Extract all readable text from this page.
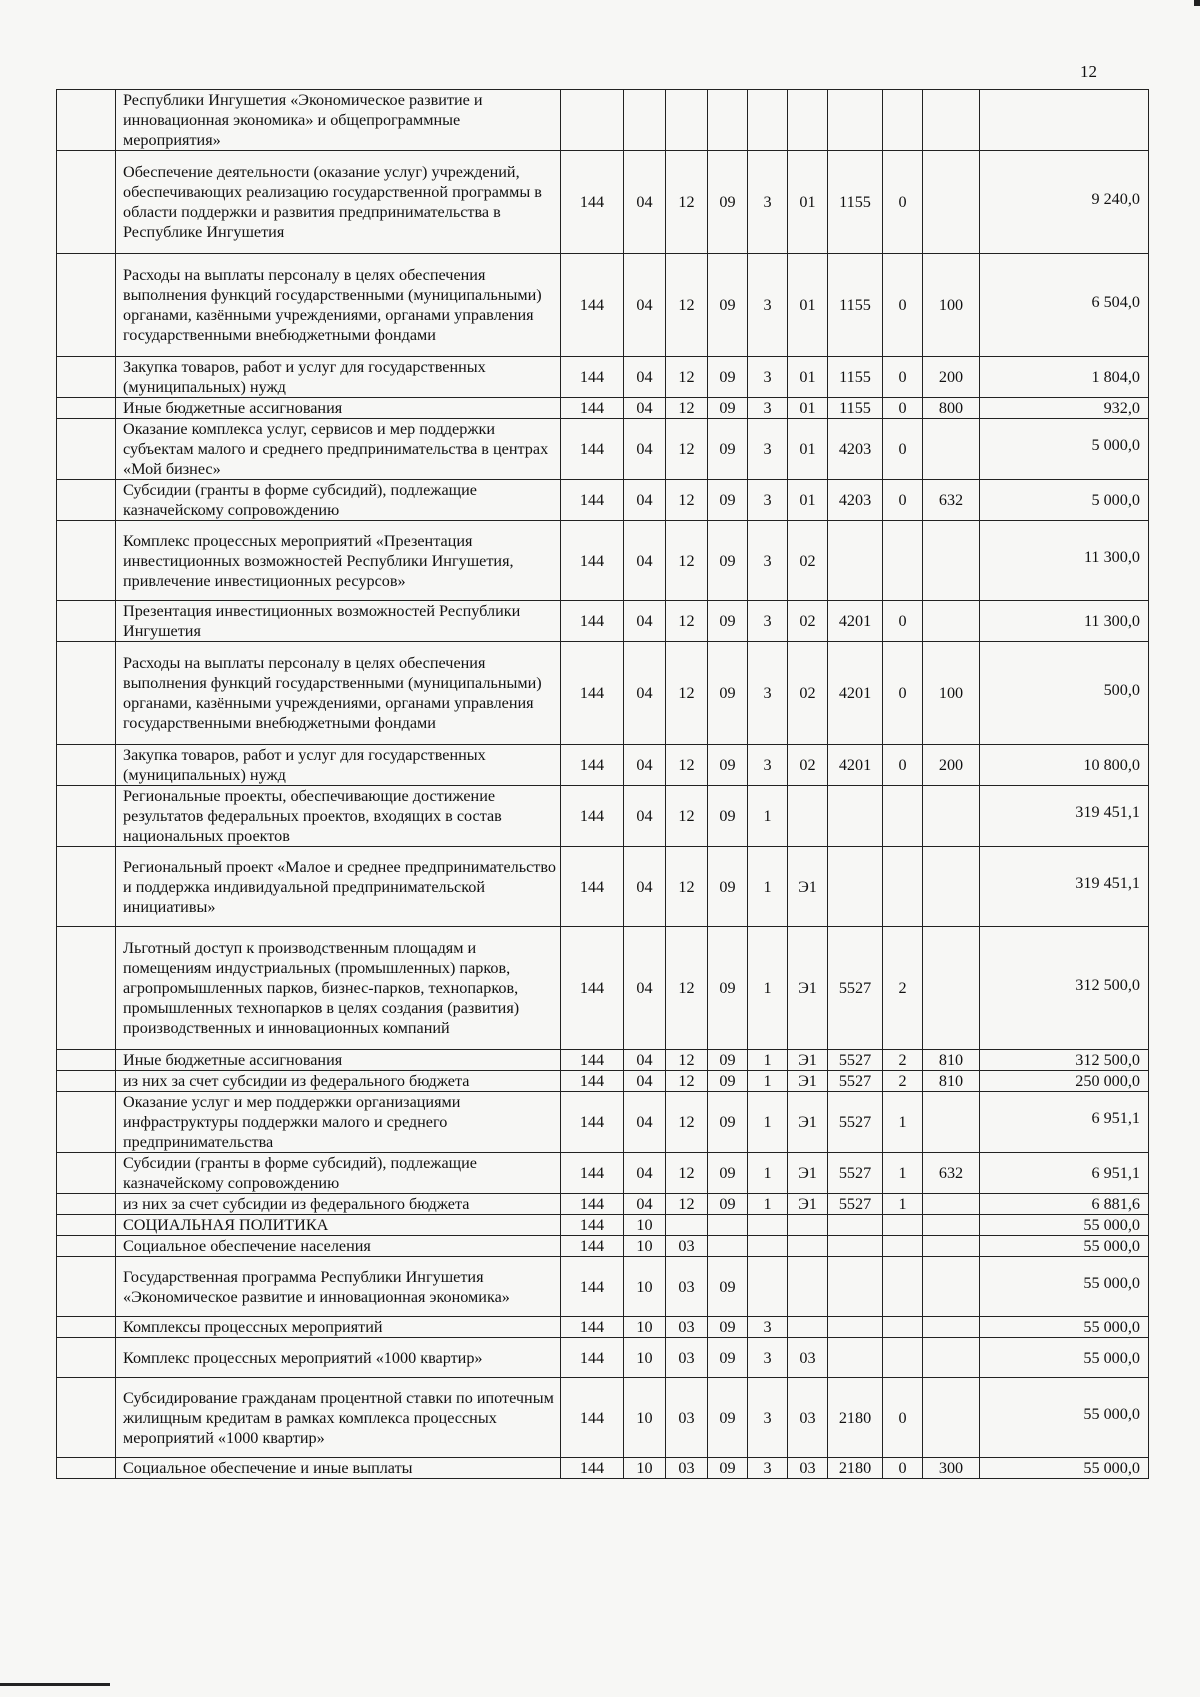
12
	Республики Ингушетия «Экономическое развитие и инновационная экономика» и общепрограммные мероприятия»										
	Обеспечение деятельности (оказание услуг) учреждений, обеспечивающих реализацию государственной программы в области поддержки и развития предпринимательства в Республике Ингушетия	144	04	12	09	3	01	1155	0		9 240,0
	Расходы на выплаты персоналу в целях обеспечения выполнения функций государственными (муниципальными) органами, казёнными учреждениями, органами управления государственными внебюджетными фондами	144	04	12	09	3	01	1155	0	100	6 504,0
	Закупка товаров, работ и услуг для государственных (муниципальных) нужд	144	04	12	09	3	01	1155	0	200	1 804,0
	Иные бюджетные ассигнования	144	04	12	09	3	01	1155	0	800	932,0
	Оказание комплекса услуг, сервисов и мер поддержки субъектам малого и среднего предпринимательства в центрах «Мой бизнес»	144	04	12	09	3	01	4203	0		5 000,0
	Субсидии (гранты в форме субсидий), подлежащие казначейскому сопровождению	144	04	12	09	3	01	4203	0	632	5 000,0
	Комплекс процессных мероприятий «Презентация инвестиционных возможностей Республики Ингушетия, привлечение инвестиционных ресурсов»	144	04	12	09	3	02				11 300,0
	Презентация инвестиционных возможностей Республики Ингушетия	144	04	12	09	3	02	4201	0		11 300,0
	Расходы на выплаты персоналу в целях обеспечения выполнения функций государственными (муниципальными) органами, казёнными учреждениями, органами управления государственными внебюджетными фондами	144	04	12	09	3	02	4201	0	100	500,0
	Закупка товаров, работ и услуг для государственных (муниципальных) нужд	144	04	12	09	3	02	4201	0	200	10 800,0
	Региональные проекты, обеспечивающие достижение результатов федеральных проектов, входящих в состав национальных проектов	144	04	12	09	1					319 451,1
	Региональный проект «Малое и среднее предпринимательство и поддержка индивидуальной предпринимательской инициативы»	144	04	12	09	1	Э1				319 451,1
	Льготный доступ к производственным площадям и помещениям индустриальных (промышленных) парков, агропромышленных парков, бизнес-парков, технопарков, промышленных технопарков в целях создания (развития) производственных и инновационных компаний	144	04	12	09	1	Э1	5527	2		312 500,0
	Иные бюджетные ассигнования	144	04	12	09	1	Э1	5527	2	810	312 500,0
	из них за счет субсидии из федерального бюджета	144	04	12	09	1	Э1	5527	2	810	250 000,0
	Оказание услуг и мер поддержки организациями инфраструктуры поддержки малого и среднего предпринимательства	144	04	12	09	1	Э1	5527	1		6 951,1
	Субсидии (гранты в форме субсидий), подлежащие казначейскому сопровождению	144	04	12	09	1	Э1	5527	1	632	6 951,1
	из них за счет субсидии из федерального бюджета	144	04	12	09	1	Э1	5527	1		6 881,6
	СОЦИАЛЬНАЯ ПОЛИТИКА	144	10								55 000,0
	Социальное обеспечение населения	144	10	03							55 000,0
	Государственная программа Республики Ингушетия «Экономическое развитие и инновационная экономика»	144	10	03	09						55 000,0
	Комплексы процессных мероприятий	144	10	03	09	3					55 000,0
	Комплекс процессных мероприятий «1000 квартир»	144	10	03	09	3	03				55 000,0
	Субсидирование гражданам процентной ставки по ипотечным жилищным кредитам в рамках комплекса процессных мероприятий «1000 квартир»	144	10	03	09	3	03	2180	0		55 000,0
	Социальное обеспечение и иные выплаты	144	10	03	09	3	03	2180	0	300	55 000,0
